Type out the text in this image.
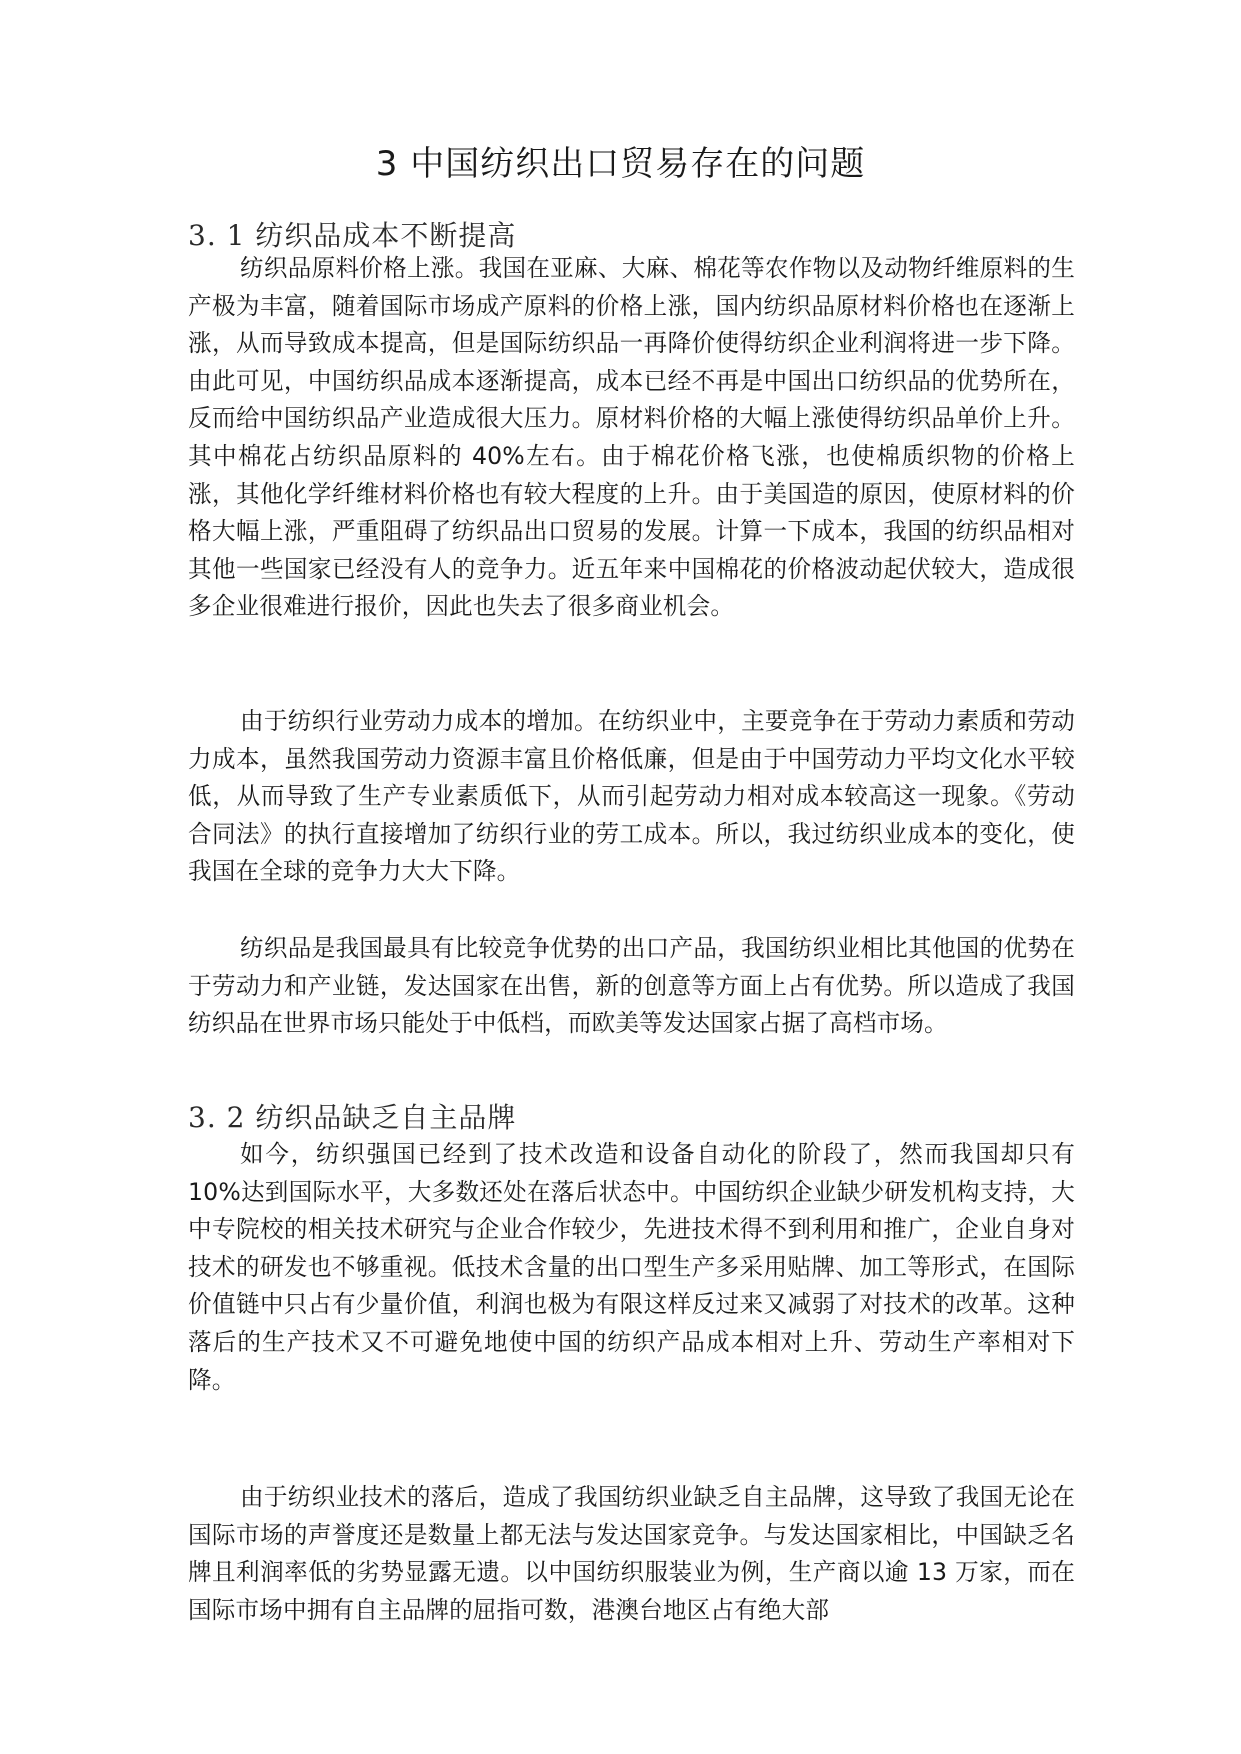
3 中国纺织出口贸易存在的问题
3. 1 纺织品成本不断提高

纺织品原料价格上涨。我国在亚麻、大麻、棉花等农作物以及动物纤维原料的生产极为丰富，随着国际市场成产原料的价格上涨，国内纺织品原材料价格也在逐渐上涨，从而导致成本提高，但是国际纺织品一再降价使得纺织企业利润将进一步下降。由此可见，中国纺织品成本逐渐提高，成本已经不再是中国出口纺织品的优势所在，反而给中国纺织品产业造成很大压力。原材料价格的大幅上涨使得纺织品单价上升。其中棉花占纺织品原料的 40%左右。由于棉花价格飞涨，也使棉质织物的价格上涨，其他化学纤维材料价格也有较大程度的上升。由于美国造的原因，使原材料的价格大幅上涨，严重阻碍了纺织品出口贸易的发展。计算一下成本，我国的纺织品相对其他一些国家已经没有人的竞争力。近五年来中国棉花的价格波动起伏较大，造成很多企业很难进行报价，因此也失去了很多商业机会。

由于纺织行业劳动力成本的增加。在纺织业中，主要竞争在于劳动力素质和劳动力成本，虽然我国劳动力资源丰富且价格低廉，但是由于中国劳动力平均文化水平较低，从而导致了生产专业素质低下，从而引起劳动力相对成本较高这一现象。《劳动合同法》的执行直接增加了纺织行业的劳工成本。所以，我过纺织业成本的变化，使我国在全球的竞争力大大下降。

纺织品是我国最具有比较竞争优势的出口产品，我国纺织业相比其他国的优势在于劳动力和产业链，发达国家在出售，新的创意等方面上占有优势。所以造成了我国纺织品在世界市场只能处于中低档，而欧美等发达国家占据了高档市场。

3. 2 纺织品缺乏自主品牌

如今，纺织强国已经到了技术改造和设备自动化的阶段了，然而我国却只有 10%达到国际水平，大多数还处在落后状态中。中国纺织企业缺少研发机构支持，大中专院校的相关技术研究与企业合作较少，先进技术得不到利用和推广，企业自身对技术的研发也不够重视。低技术含量的出口型生产多采用贴牌、加工等形式，在国际价值链中只占有少量价值，利润也极为有限这样反过来又减弱了对技术的改革。这种落后的生产技术又不可避免地使中国的纺织产品成本相对上升、劳动生产率相对下降。

由于纺织业技术的落后，造成了我国纺织业缺乏自主品牌，这导致了我国无论在国际市场的声誉度还是数量上都无法与发达国家竞争。与发达国家相比，中国缺乏名牌且利润率低的劣势显露无遗。以中国纺织服装业为例，生产商以逾 13 万家，而在国际市场中拥有自主品牌的屈指可数，港澳台地区占有绝大部
